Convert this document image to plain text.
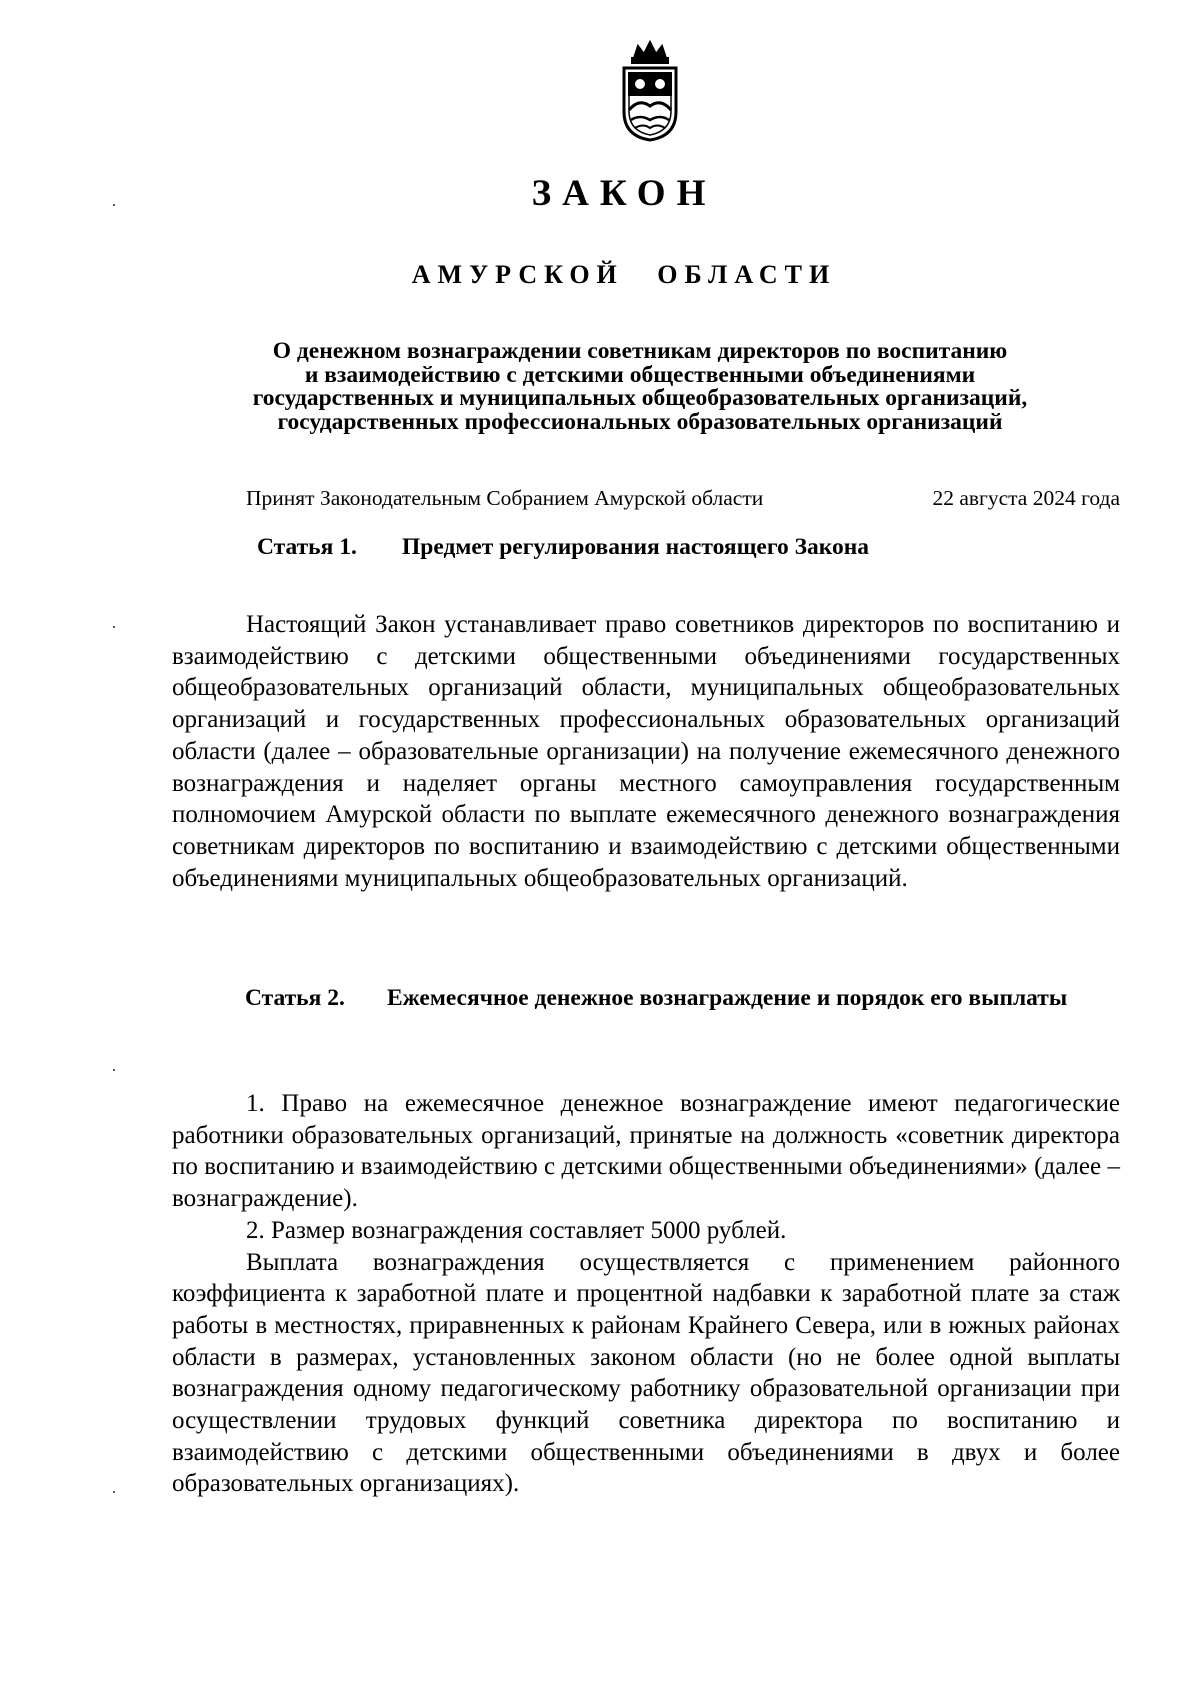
ЗАКОН
АМУРСКОЙ ОБЛАСТИ
О денежном вознаграждении советникам директоров по воспитанию
и взаимодействию с детскими общественными объединениями
государственных и муниципальных общеобразовательных организаций,
государственных профессиональных образовательных организаций
Принят Законодательным Собранием Амурской области	22 августа 2024 года
Статья 1.	Предмет регулирования настоящего Закона

Настоящий Закон устанавливает право советников директоров по воспитанию и взаимодействию с детскими общественными объединениями государственных общеобразовательных организаций области, муниципальных общеобразовательных организаций и государственных профессиональных образовательных организаций области (далее – образовательные организации) на получение ежемесячного денежного вознаграждения и наделяет органы местного самоуправления государственным полномочием Амурской области по выплате ежемесячного денежного вознаграждения советникам директоров по воспитанию и взаимодействию с детскими общественными объединениями муниципальных общеобразовательных организаций.

Статья 2.	Ежемесячное денежное вознаграждение и порядок его выплаты

1. Право на ежемесячное денежное вознаграждение имеют педагогические работники образовательных организаций, принятые на должность «советник директора по воспитанию и взаимодействию с детскими общественными объединениями» (далее – вознаграждение).

2. Размер вознаграждения составляет 5000 рублей.

Выплата вознаграждения осуществляется с применением районного коэффициента к заработной плате и процентной надбавки к заработной плате за стаж работы в местностях, приравненных к районам Крайнего Севера, или в южных районах области в размерах, установленных законом области (но не более одной выплаты вознаграждения одному педагогическому работнику образовательной организации при осуществлении трудовых функций советника директора по воспитанию и взаимодействию с детскими общественными объединениями в двух и более образовательных организациях).
